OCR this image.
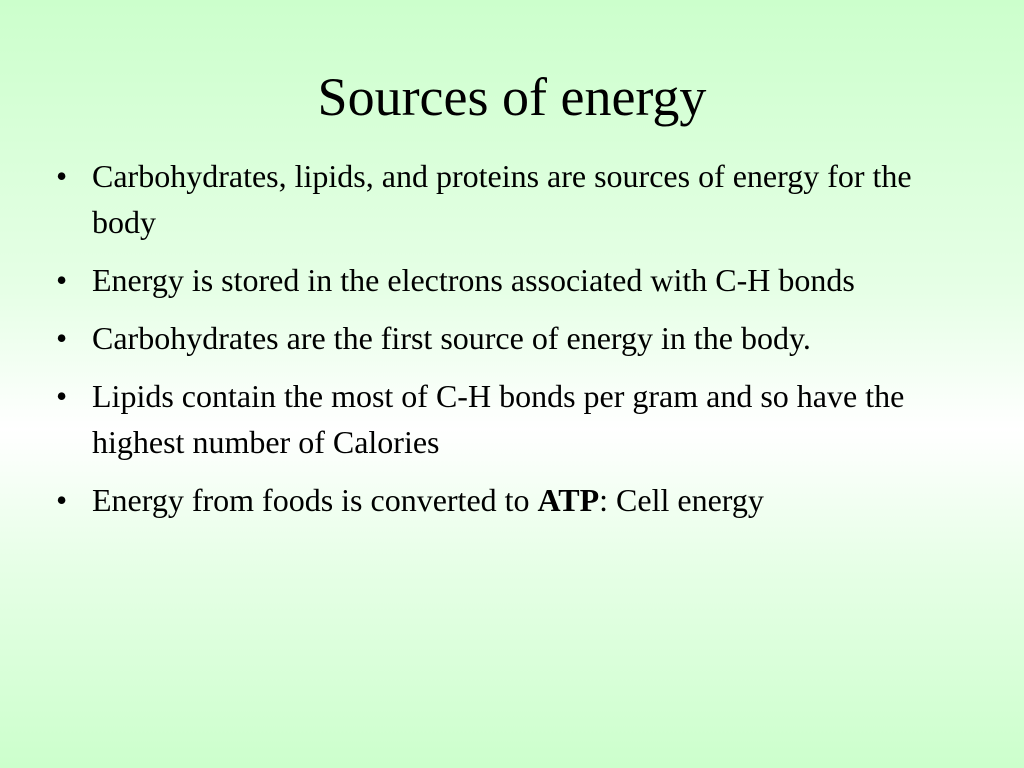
Sources of energy
• Carbohydrates, lipids, and proteins are sources of energy for the body
• Energy is stored in the electrons associated with C-H bonds
• Carbohydrates are the first source of energy in the body.
• Lipids contain the most of C-H bonds per gram and so have the highest number of Calories
• Energy from foods is converted to ATP: Cell energy
